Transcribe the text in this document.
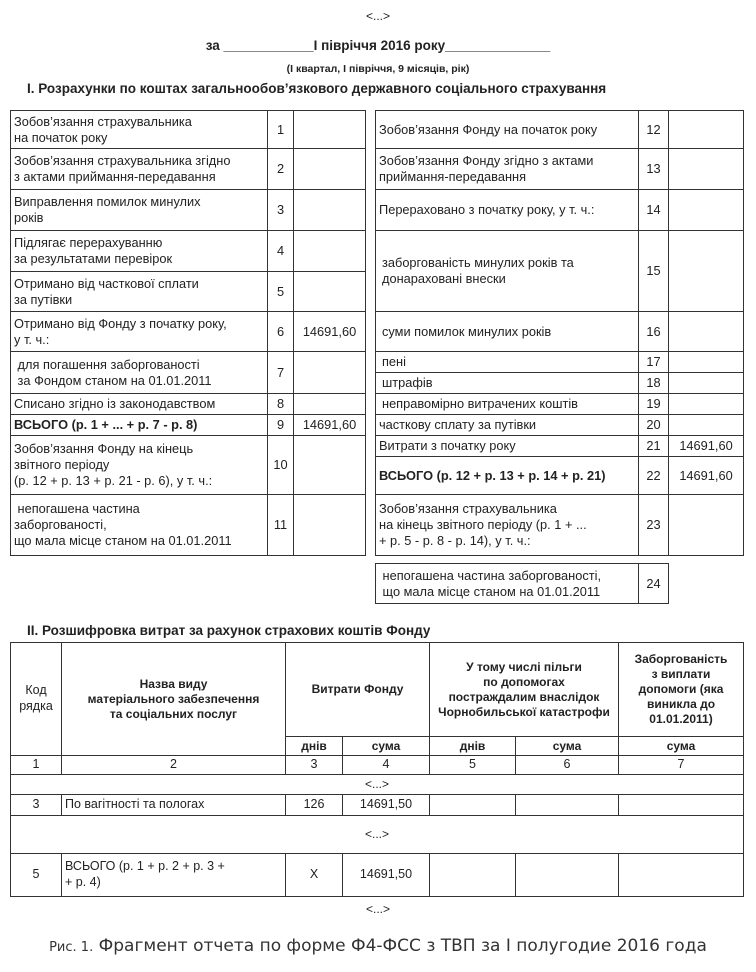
<...>
за ____________І півріччя 2016 року______________
(І квартал, І півріччя, 9 місяців, рік)
I. Розрахунки по коштах загальнообов’язкового державного соціального страхування
Зобов’язання страхувальника
на початок року	1			Зобов’язання Фонду на початок року	12	
Зобов’язання страхувальника згідно
з актами приймання-передавання	2			Зобов’язання Фонду згідно з актами
приймання-передавання	13	
Виправлення помилок минулих
років	3			Перераховано з початку року, у т. ч.:	14	
Підлягає перерахуванню
за результатами перевірок	4			заборгованість минулих років та
донараховані внески	15	
Отримано від часткової сплати
за путівки	5					
Отримано від Фонду з початку року,
у т. ч.:	6	14691,60		суми помилок минулих років	16	
для погашення заборгованості
за Фондом станом на 01.01.2011	7			пені	17	
				штрафів	18	
Списано згідно із законодавством	8			неправомірно витрачених коштів	19	
ВСЬОГО (р. 1 + ... + р. 7 - р. 8)	9	14691,60		часткову сплату за путівки	20	
Зобов’язання Фонду на кінець
звітного періоду
(р. 12 + р. 13 + р. 21 - р. 6), у т. ч.:	10			Витрати з початку року	21	14691,60
				ВСЬОГО (р. 12 + р. 13 + р. 14 + р. 21)	22	14691,60
непогашена частина
заборгованості,
що мала місце станом на 01.01.2011	11			Зобов’язання страхувальника
на кінець звітного періоду (р. 1 + ...
+ р. 5 - р. 8 - р. 14), у т. ч.:	23	
непогашена частина заборгованості,
що мала місце станом на 01.01.2011	24	
II. Розшифровка витрат за рахунок страхових коштів Фонду
Код
рядка	Назва виду
матеріального забезпечення
та соціальних послуг	Витрати Фонду		У тому числі пільги
по допомогах
постраждалим внаслідок
Чорнобильської катастрофи		Заборгованість
з виплати
допомоги (яка
виникла до
01.01.2011)
		днів	сума	днів	сума	сума
1	2	3	4	5	6	7
<...>						
3	По вагітності та пологах	126	14691,50			
<...>						
5	ВСЬОГО (р. 1 + р. 2 + р. 3 +
+ р. 4)	Х	14691,50			
<...>
Рис. 1. Фрагмент отчета по форме Ф4-ФСС з ТВП за І полугодие 2016 года
